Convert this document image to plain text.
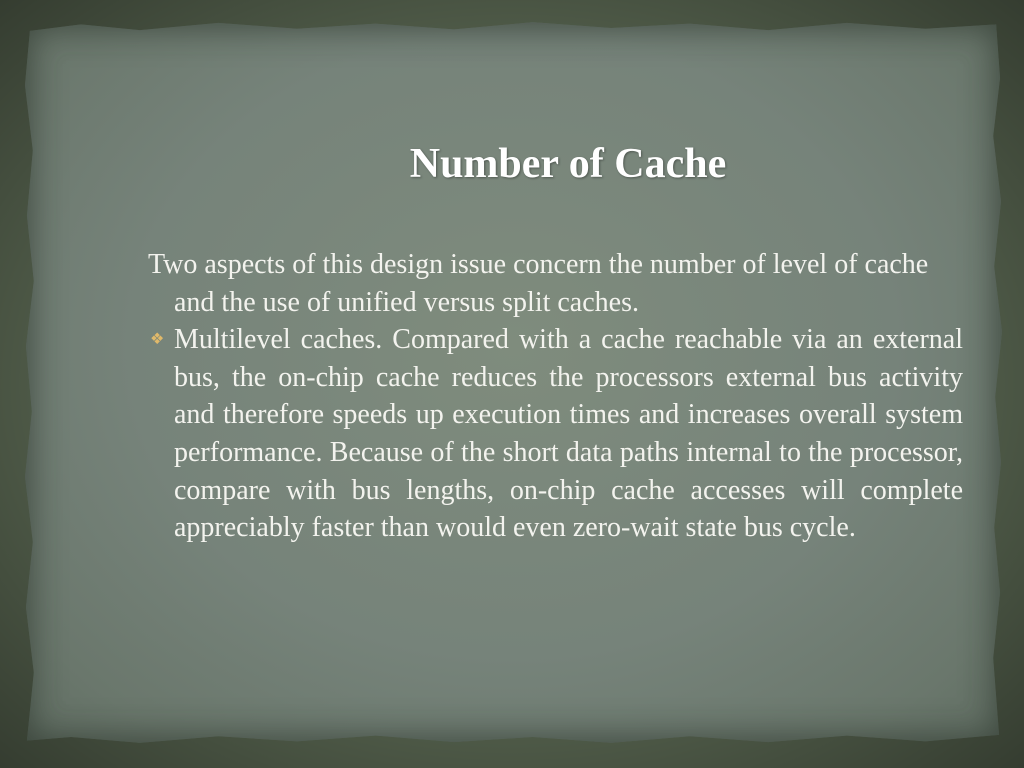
Number of Cache

Two aspects of this design issue concern the number of level of cache and the use of unified versus split caches.

❖ Multilevel caches. Compared with a cache reachable via an external bus, the on-chip cache reduces the processors external bus activity and therefore speeds up execution times and increases overall system performance. Because of the short data paths internal to the processor, compare with bus lengths, on-chip cache accesses will complete appreciably faster than would even zero-wait state bus cycle.
